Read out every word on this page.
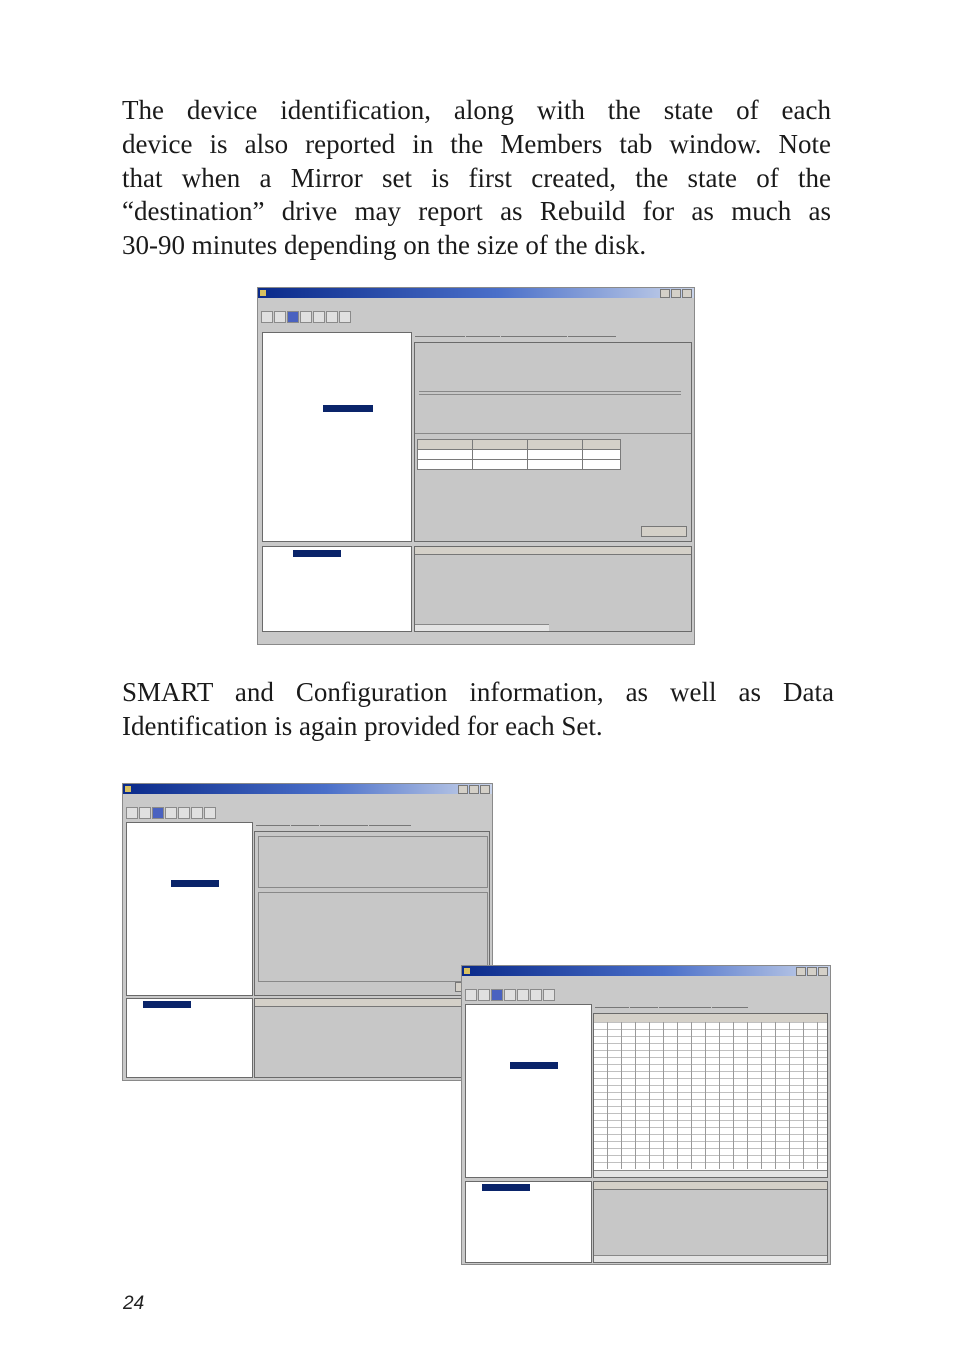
The device identification, along with the state of each
device is also reported in the Members tab window. Note
that when a Mirror set is first created, the state of the
“destination” drive may report as Rebuild for as much as
30-90 minutes depending on the size of the disk.

SMART and Configuration information, as well as Data
Identification is again provided for each Set.
24
